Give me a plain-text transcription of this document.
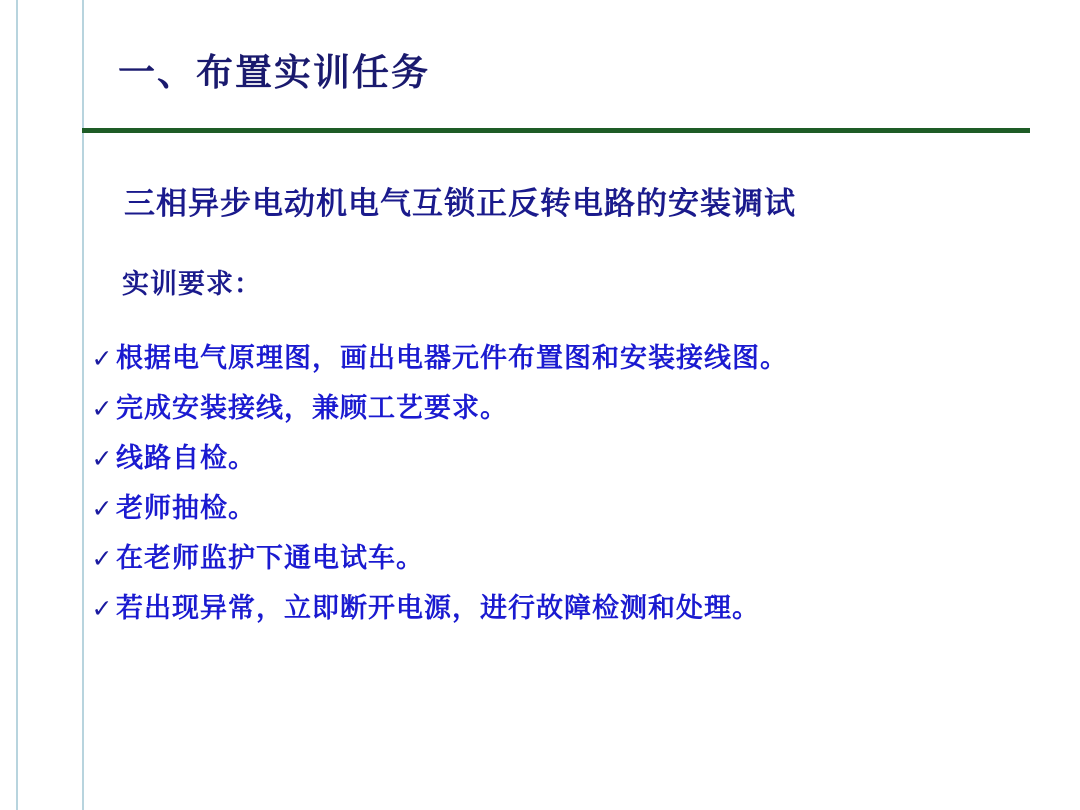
一、布置实训任务
三相异步电动机电气互锁正反转电路的安装调试
实训要求：
✓ 根据电气原理图，画出电器元件布置图和安装接线图。
✓ 完成安装接线，兼顾工艺要求。
✓ 线路自检。
✓ 老师抽检。
✓ 在老师监护下通电试车。
✓ 若出现异常，立即断开电源，进行故障检测和处理。
